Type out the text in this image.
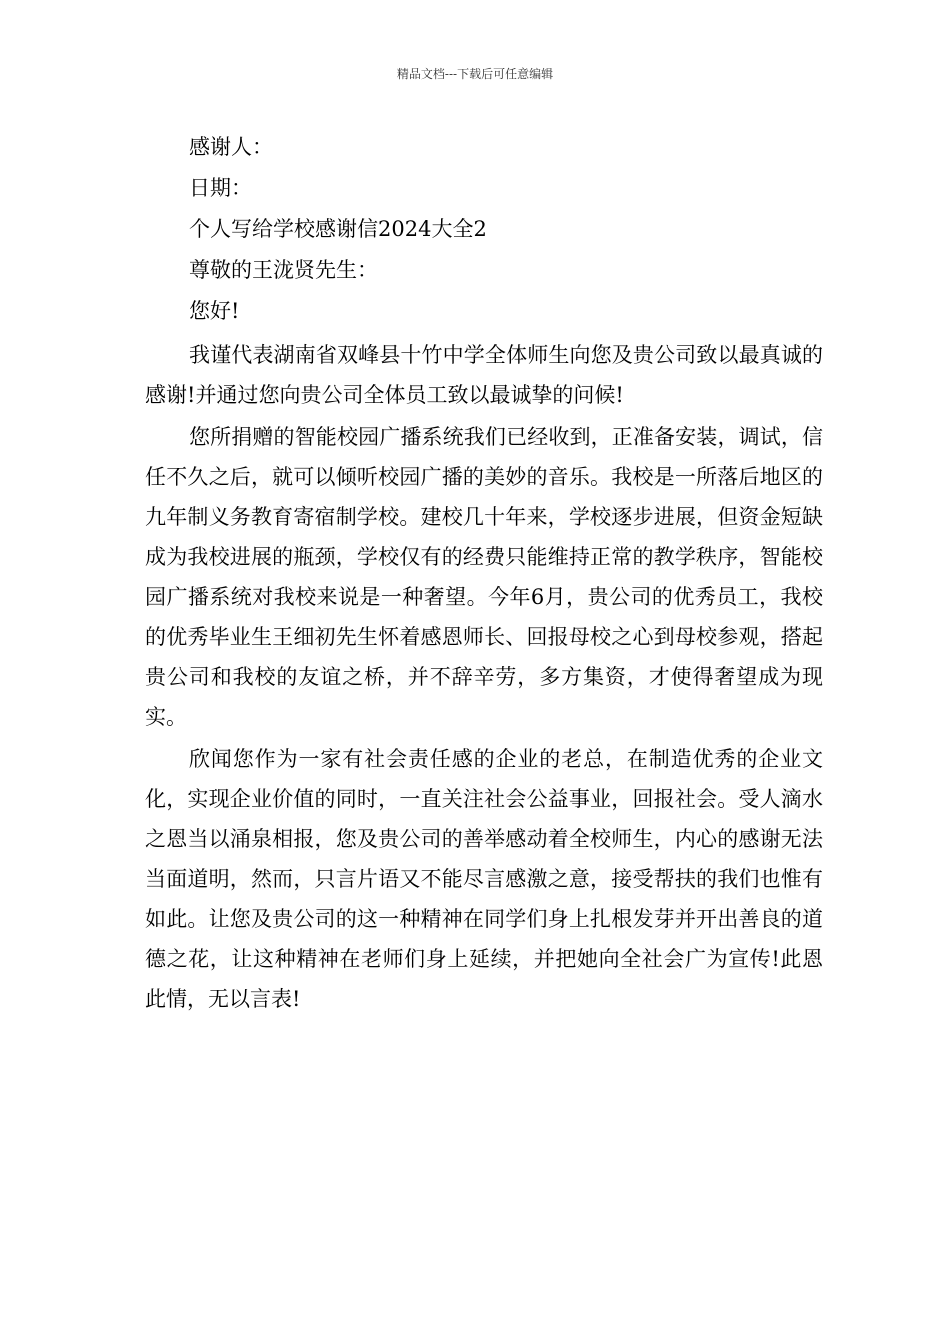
精品文档---下载后可任意编辑
感谢人：
日期：
个人写给学校感谢信2024大全2
尊敬的王泷贤先生：
您好!

我谨代表湖南省双峰县十竹中学全体师生向您及贵公司致以最真诚的感谢!并通过您向贵公司全体员工致以最诚挚的问候!

您所捐赠的智能校园广播系统我们已经收到，正准备安装，调试，信任不久之后，就可以倾听校园广播的美妙的音乐。我校是一所落后地区的九年制义务教育寄宿制学校。建校几十年来，学校逐步进展，但资金短缺成为我校进展的瓶颈，学校仅有的经费只能维持正常的教学秩序，智能校园广播系统对我校来说是一种奢望。今年6月，贵公司的优秀员工，我校的优秀毕业生王细初先生怀着感恩师长、回报母校之心到母校参观，搭起贵公司和我校的友谊之桥，并不辞辛劳，多方集资，才使得奢望成为现实。

欣闻您作为一家有社会责任感的企业的老总，在制造优秀的企业文化，实现企业价值的同时，一直关注社会公益事业，回报社会。受人滴水之恩当以涌泉相报，您及贵公司的善举感动着全校师生，内心的感谢无法当面道明，然而，只言片语又不能尽言感激之意，接受帮扶的我们也惟有如此。让您及贵公司的这一种精神在同学们身上扎根发芽并开出善良的道德之花，让这种精神在老师们身上延续，并把她向全社会广为宣传!此恩此情，无以言表!
